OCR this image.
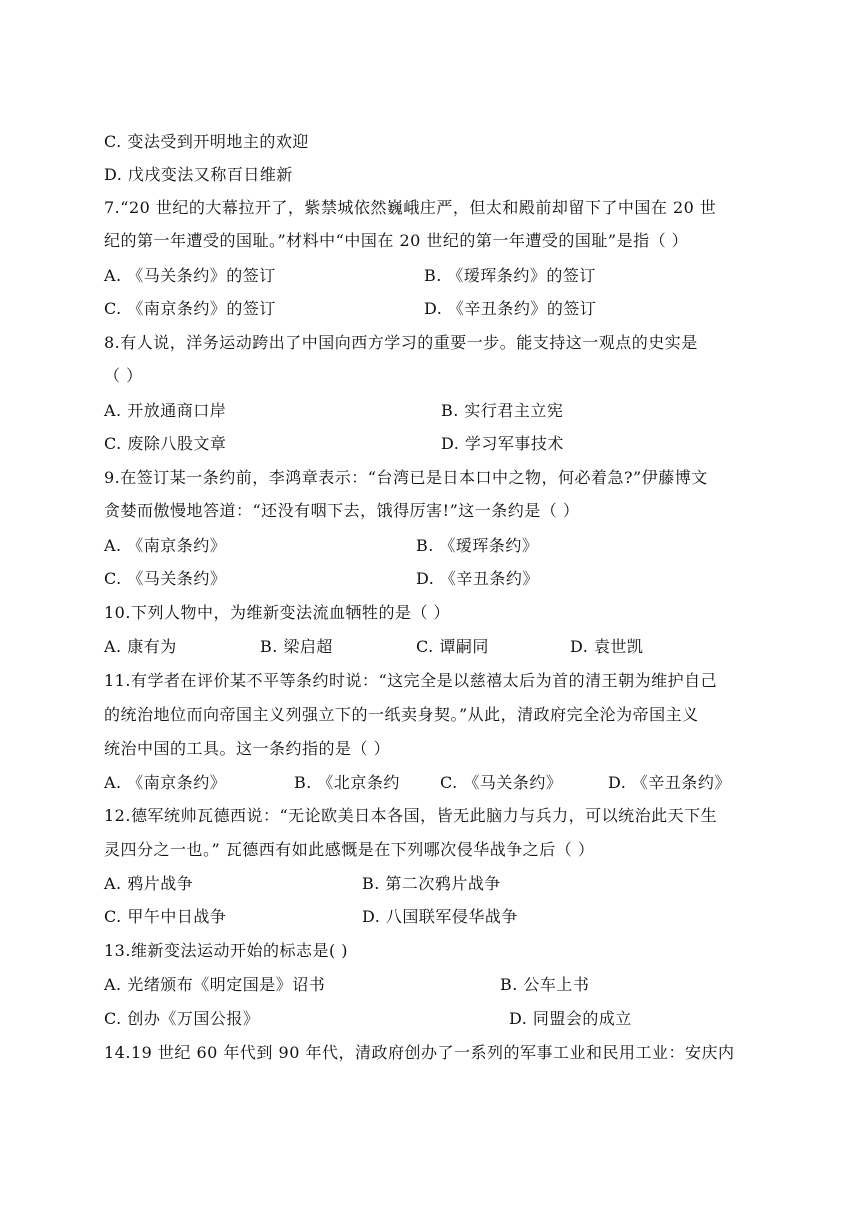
C. 变法受到开明地主的欢迎
D. 戊戌变法又称百日维新
7.“20 世纪的大幕拉开了，紫禁城依然巍峨庄严，但太和殿前却留下了中国在 20 世
纪的第一年遭受的国耻。”材料中“中国在 20 世纪的第一年遭受的国耻”是指（ ）
A. 《马关条约》的签订	B. 《瑷珲条约》的签订
C. 《南京条约》的签订	D. 《辛丑条约》的签订
8.有人说，洋务运动跨出了中国向西方学习的重要一步。能支持这一观点的史实是
（ ）
A. 开放通商口岸	B. 实行君主立宪
C. 废除八股文章	D. 学习军事技术
9.在签订某一条约前，李鸿章表示：“台湾已是日本口中之物，何必着急?”伊藤博文
贪婪而傲慢地答道：“还没有咽下去，饿得厉害!”这一条约是（ ）
A. 《南京条约》	B. 《瑷珲条约》
C. 《马关条约》	D. 《辛丑条约》
10.下列人物中，为维新变法流血牺牲的是（ ）
A. 康有为	B. 梁启超	C. 谭嗣同	D. 袁世凯
11.有学者在评价某不平等条约时说：“这完全是以慈禧太后为首的清王朝为维护自己
的统治地位而向帝国主义列强立下的一纸卖身契。”从此，清政府完全沦为帝国主义
统治中国的工具。这一条约指的是（ ）
A. 《南京条约》	B. 《北京条约	C. 《马关条约》	D. 《辛丑条约》
12.德军统帅瓦德西说：“无论欧美日本各国，皆无此脑力与兵力，可以统治此天下生
灵四分之一也。” 瓦德西有如此感慨是在下列哪次侵华战争之后（ ）
A. 鸦片战争	B. 第二次鸦片战争
C. 甲午中日战争	D. 八国联军侵华战争
13.维新变法运动开始的标志是( )
A. 光绪颁布《明定国是》诏书	B. 公车上书
C. 创办《万国公报》	D. 同盟会的成立
14.19 世纪 60 年代到 90 年代，清政府创办了一系列的军事工业和民用工业：安庆内
